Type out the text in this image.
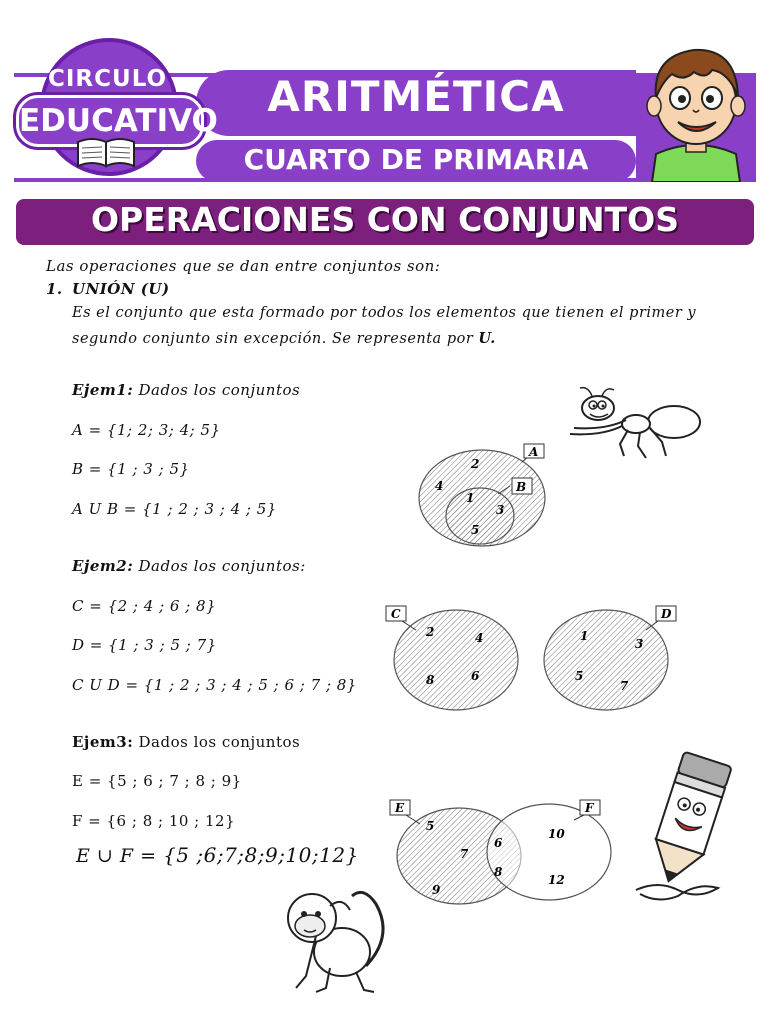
ARITMÉTICA
CUARTO DE PRIMARIA
CIRCULO
EDUCATIVO
OPERACIONES CON CONJUNTOS
Las operaciones que se dan entre conjuntos son:
1. UNIÓN (U)
Es el conjunto que esta formado por todos los elementos que tienen el primer y
segundo conjunto sin excepción. Se representa por U.
Ejem1: Dados los conjuntos
A = {1; 2; 3; 4; 5}
B = {1 ; 3 ; 5}
A U B = {1 ; 2 ; 3 ; 4 ; 5}
A
B
2
4
1
3
5
Ejem2: Dados los conjuntos:
C = {2 ; 4 ; 6 ; 8}
D = {1 ; 3 ; 5 ; 7}
C U D = {1 ; 2 ; 3 ; 4 ; 5 ; 6 ; 7 ; 8}
C	D
2	4
8	6
1
3
5
7
Ejem3: Dados los conjuntos
E = {5 ; 6 ; 7 ; 8 ; 9}
F = {6 ; 8 ; 10 ; 12}
E ∪ F = {5 ;6;7;8;9;10;12}
E	F
5
7
9
6
8
10
12
